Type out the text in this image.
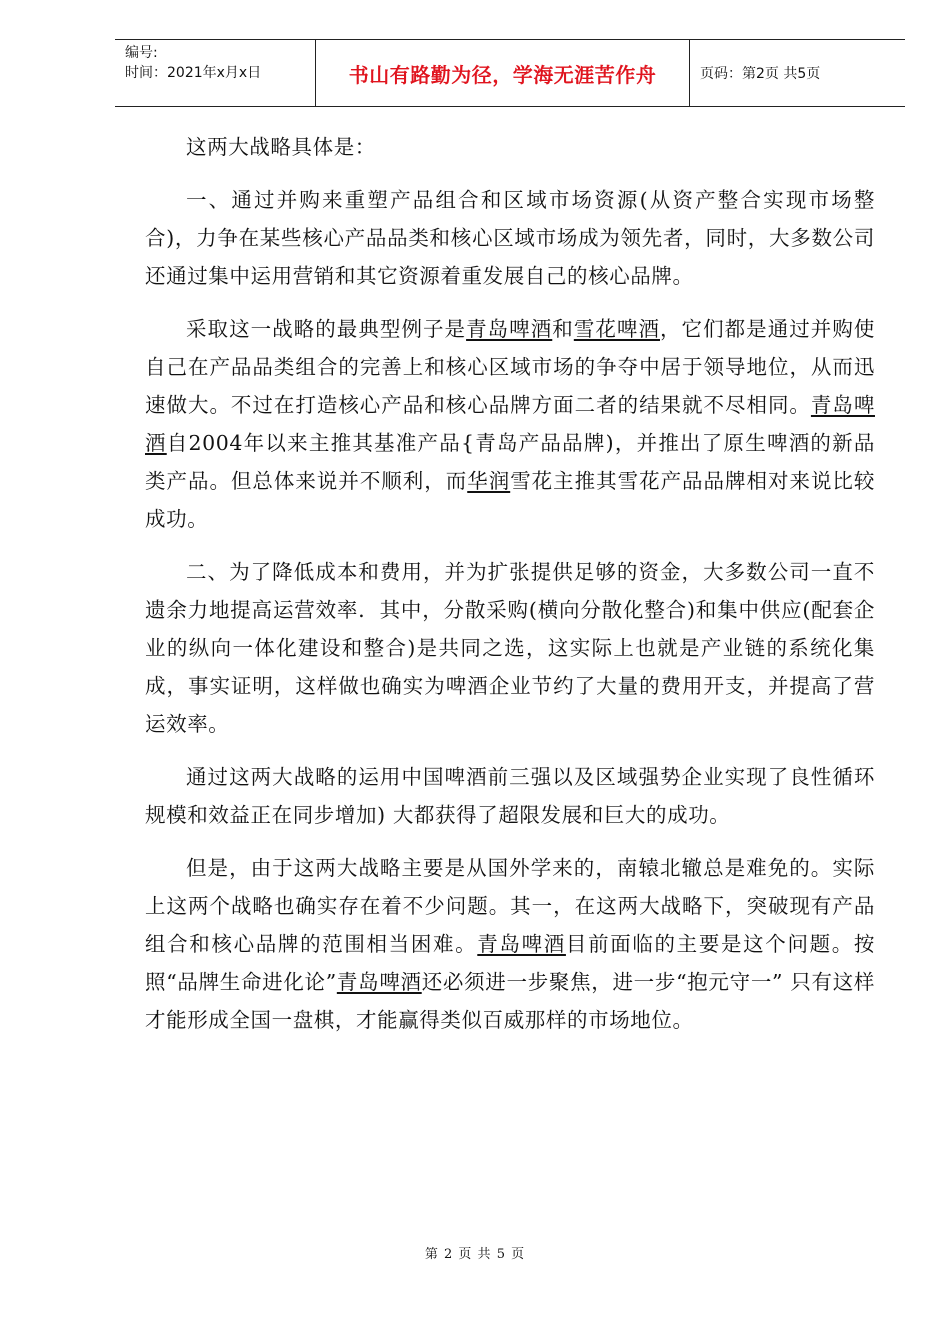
编号:
时间：2021年x月x日	书山有路勤为径，学海无涯苦作舟	页码：第2页 共5页

这两大战略具体是：

一、通过并购来重塑产品组合和区域市场资源(从资产整合实现市场整合)，力争在某些核心产品品类和核心区域市场成为领先者，同时，大多数公司还通过集中运用营销和其它资源着重发展自己的核心品牌。

采取这一战略的最典型例子是青岛啤酒和雪花啤酒，它们都是通过并购使自己在产品品类组合的完善上和核心区域市场的争夺中居于领导地位，从而迅速做大。不过在打造核心产品和核心品牌方面二者的结果就不尽相同。青岛啤酒自2004年以来主推其基准产品{青岛产品品牌)，并推出了原生啤酒的新品类产品。但总体来说并不顺利，而华润雪花主推其雪花产品品牌相对来说比较成功。

二、为了降低成本和费用，并为扩张提供足够的资金，大多数公司一直不遗余力地提高运营效率．其中，分散采购(横向分散化整合)和集中供应(配套企业的纵向一体化建设和整合)是共同之选，这实际上也就是产业链的系统化集成，事实证明，这样做也确实为啤酒企业节约了大量的费用开支，并提高了营运效率。

通过这两大战略的运用中国啤酒前三强以及区域强势企业实现了良性循环规模和效益正在同步增加) 大都获得了超限发展和巨大的成功。

但是，由于这两大战略主要是从国外学来的，南辕北辙总是难免的。实际上这两个战略也确实存在着不少问题。其一，在这两大战略下，突破现有产品组合和核心品牌的范围相当困难。青岛啤酒目前面临的主要是这个问题。按照“品牌生命进化论”青岛啤酒还必须进一步聚焦，进一步“抱元守一” 只有这样才能形成全国一盘棋，才能赢得类似百威那样的市场地位。

第 2 页 共 5 页
